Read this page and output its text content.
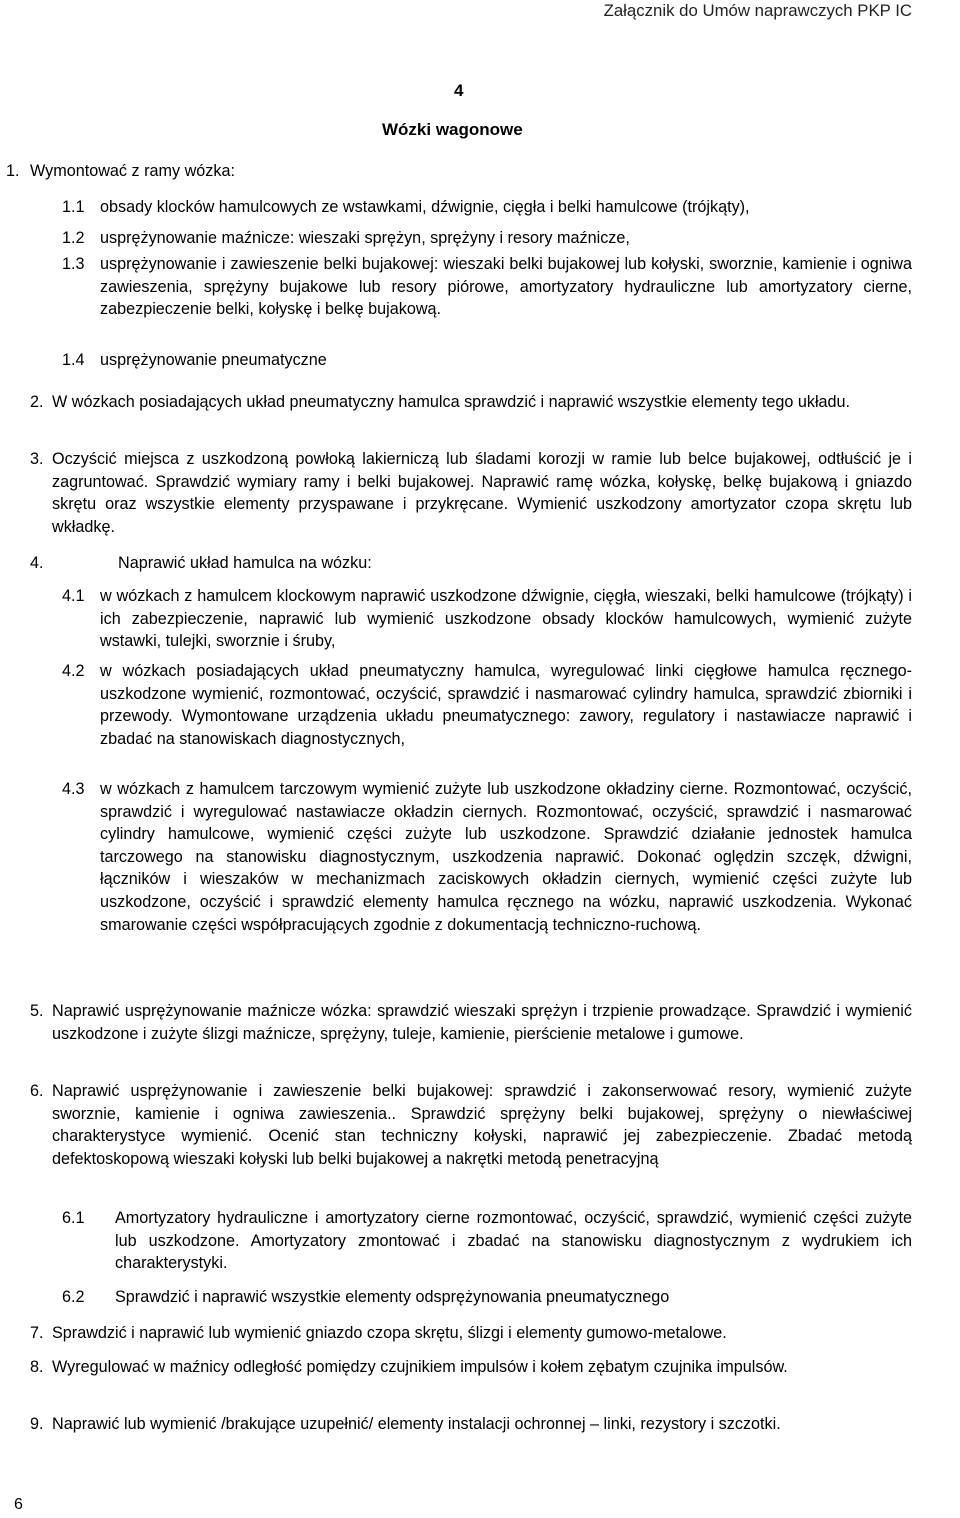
Załącznik do Umów naprawczych PKP IC
4
Wózki wagonowe
1. Wymontować z ramy wózka:
1.1 obsady klocków hamulcowych ze wstawkami, dźwignie, cięgła i belki hamulcowe (trójkąty),
1.2 usprężynowanie maźnicze: wieszaki sprężyn, sprężyny i resory maźnicze,
1.3 usprężynowanie i zawieszenie belki bujakowej: wieszaki belki bujakowej lub kołyski, sworznie, kamienie i ogniwa zawieszenia, sprężyny bujakowe lub resory piórowe, amortyzatory hydrauliczne lub amortyzatory cierne, zabezpieczenie belki, kołyskę i belkę bujakową.
1.4 usprężynowanie pneumatyczne
2. W wózkach posiadających układ pneumatyczny hamulca sprawdzić i naprawić wszystkie elementy tego układu.
3. Oczyścić miejsca z uszkodzoną powłoką lakierniczą lub śladami korozji w ramie lub belce bujakowej, odtłuścić je i zagruntować. Sprawdzić wymiary ramy i belki bujakowej. Naprawić ramę wózka, kołyskę, belkę bujakową i gniazdo skrętu oraz wszystkie elementy przyspawane i przykręcane. Wymienić uszkodzony amortyzator czopa skrętu lub wkładkę.
4.	Naprawić układ hamulca na wózku:
4.1 w wózkach z hamulcem klockowym naprawić uszkodzone dźwignie, cięgła, wieszaki, belki hamulcowe (trójkąty) i ich zabezpieczenie, naprawić lub wymienić uszkodzone obsady klocków hamulcowych, wymienić zużyte wstawki, tulejki, sworznie i śruby,
4.2 w wózkach posiadających układ pneumatyczny hamulca, wyregulować linki cięgłowe hamulca ręcznego-uszkodzone wymienić, rozmontować, oczyścić, sprawdzić i nasmarować cylindry hamulca, sprawdzić zbiorniki i przewody. Wymontowane urządzenia układu pneumatycznego: zawory, regulatory i nastawiacze naprawić i zbadać na stanowiskach diagnostycznych,
4.3 w wózkach z hamulcem tarczowym wymienić zużyte lub uszkodzone okładziny cierne. Rozmontować, oczyścić, sprawdzić i wyregulować nastawiacze okładzin ciernych. Rozmontować, oczyścić, sprawdzić i nasmarować cylindry hamulcowe, wymienić części zużyte lub uszkodzone. Sprawdzić działanie jednostek hamulca tarczowego na stanowisku diagnostycznym, uszkodzenia naprawić. Dokonać oględzin szczęk, dźwigni, łączników i wieszaków w mechanizmach zaciskowych okładzin ciernych, wymienić części zużyte lub uszkodzone, oczyścić i sprawdzić elementy hamulca ręcznego na wózku, naprawić uszkodzenia. Wykonać smarowanie części współpracujących zgodnie z dokumentacją techniczno-ruchową.
5. Naprawić usprężynowanie maźnicze wózka: sprawdzić wieszaki sprężyn i trzpienie prowadzące. Sprawdzić i wymienić uszkodzone i zużyte ślizgi maźnicze, sprężyny, tuleje, kamienie, pierścienie metalowe i gumowe.
6. Naprawić usprężynowanie i zawieszenie belki bujakowej: sprawdzić i zakonserwować resory, wymienić zużyte sworznie, kamienie i ogniwa zawieszenia.. Sprawdzić sprężyny belki bujakowej, sprężyny o niewłaściwej charakterystyce wymienić. Ocenić stan techniczny kołyski, naprawić jej zabezpieczenie. Zbadać metodą defektoskopową wieszaki kołyski lub belki bujakowej a nakrętki metodą penetracyjną
6.1 Amortyzatory hydrauliczne i amortyzatory cierne rozmontować, oczyścić, sprawdzić, wymienić części zużyte lub uszkodzone. Amortyzatory zmontować i zbadać na stanowisku diagnostycznym z wydrukiem ich charakterystyki.
6.2 Sprawdzić i naprawić wszystkie elementy odsprężynowania pneumatycznego
7. Sprawdzić i naprawić lub wymienić gniazdo czopa skrętu, ślizgi i elementy gumowo-metalowe.
8. Wyregulować w maźnicy odległość pomiędzy czujnikiem impulsów i kołem zębatym czujnika impulsów.
9. Naprawić lub wymienić /brakujące uzupełnić/ elementy instalacji ochronnej – linki, rezystory i szczotki.
6
